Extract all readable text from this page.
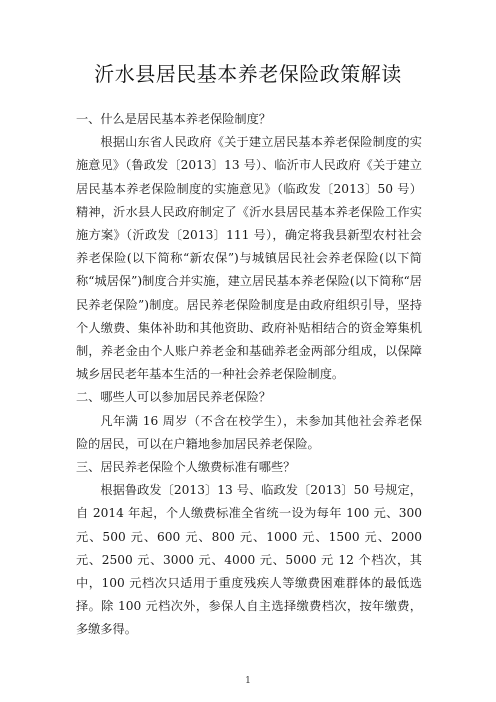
沂水县居民基本养老保险政策解读

一、什么是居民基本养老保险制度？

根据山东省人民政府《关于建立居民基本养老保险制度的实施意见》（鲁政发〔2013〕13 号）、临沂市人民政府《关于建立居民基本养老保险制度的实施意见》（临政发〔2013〕50 号）精神，沂水县人民政府制定了《沂水县居民基本养老保险工作实施方案》（沂政发〔2013〕111 号），确定将我县新型农村社会养老保险(以下简称“新农保”)与城镇居民社会养老保险(以下简称“城居保”)制度合并实施，建立居民基本养老保险(以下简称“居民养老保险”)制度。居民养老保险制度是由政府组织引导，坚持个人缴费、集体补助和其他资助、政府补贴相结合的资金筹集机制，养老金由个人账户养老金和基础养老金两部分组成，以保障城乡居民老年基本生活的一种社会养老保险制度。

二、哪些人可以参加居民养老保险？

凡年满 16 周岁（不含在校学生），未参加其他社会养老保险的居民，可以在户籍地参加居民养老保险。

三、居民养老保险个人缴费标准有哪些？

根据鲁政发〔2013〕13 号、临政发〔2013〕50 号规定，自 2014 年起，个人缴费标准全省统一设为每年 100 元、300 元、500 元、600 元、800 元、1000 元、1500 元、2000 元、2500 元、3000 元、4000 元、5000 元 12 个档次，其中，100 元档次只适用于重度残疾人等缴费困难群体的最低选择。除 100 元档次外，参保人自主选择缴费档次，按年缴费，多缴多得。

1
